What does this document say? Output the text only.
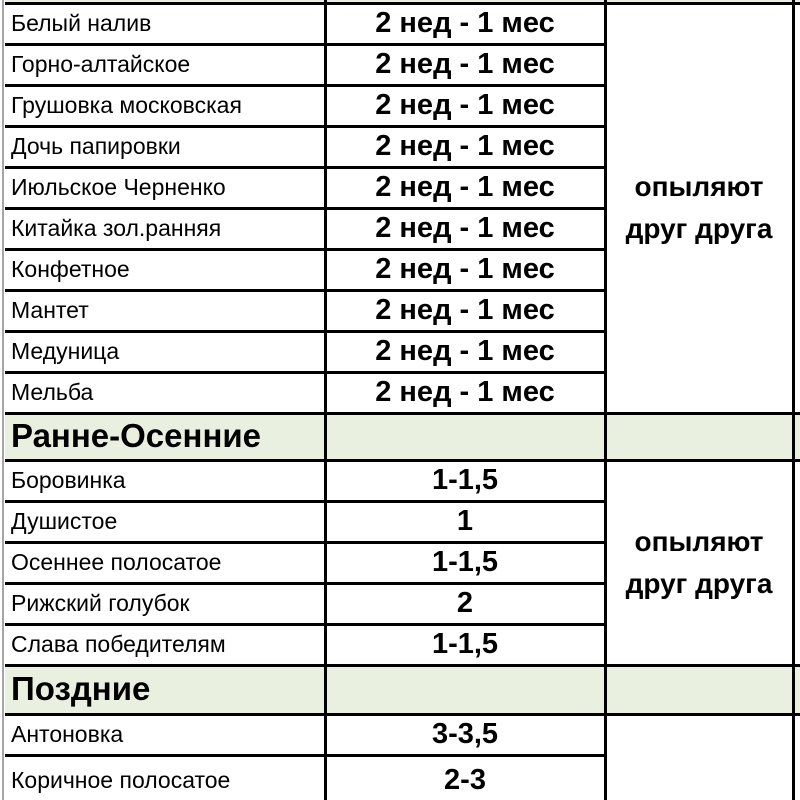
Белый налив	2 нед - 1 мес	опыляют друг друга	
Горно-алтайское	2 нед - 1 мес		
Грушовка московская	2 нед - 1 мес		
Дочь папировки	2 нед - 1 мес		
Июльское Черненко	2 нед - 1 мес		
Китайка зол.ранняя	2 нед - 1 мес		
Конфетное	2 нед - 1 мес		
Мантет	2 нед - 1 мес		
Медуница	2 нед - 1 мес		
Мельба	2 нед - 1 мес		
Ранне-Осенние			
Боровинка	1-1,5	опыляют друг друга	
Душистое	1		
Осеннее полосатое	1-1,5		
Рижский голубок	2		
Слава победителям	1-1,5		
Поздние			
Антоновка	3-3,5		
Коричное полосатое	2-3		
